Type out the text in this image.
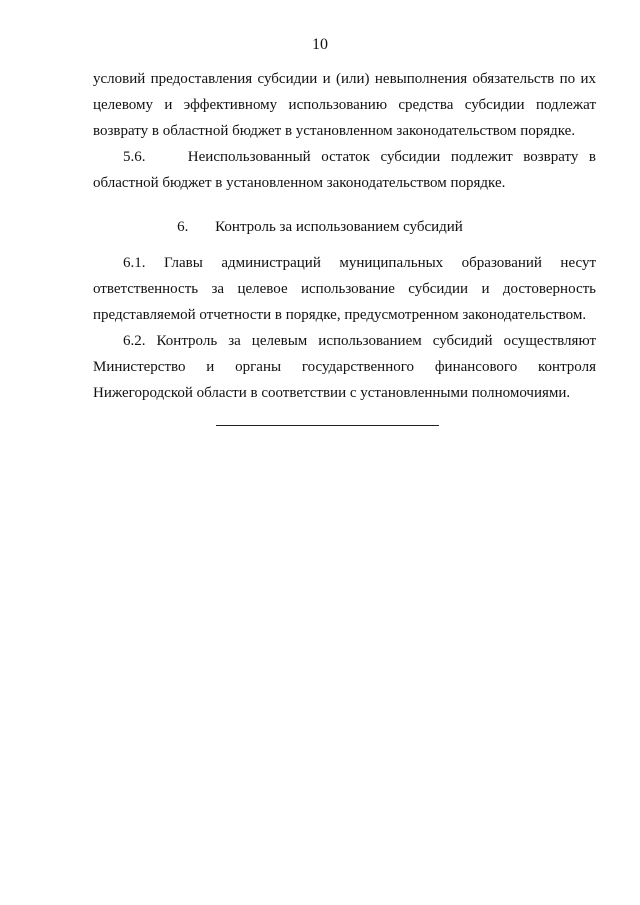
10

условий предоставления субсидии и (или) невыполнения обязательств по их целевому и эффективному использованию средства субсидии подлежат возврату в областной бюджет в установленном законодательством порядке.

5.6.	Неиспользованный остаток субсидии подлежит возврату в областной бюджет в установленном законодательством порядке.

6. Контроль за использованием субсидий
6.1. Главы администраций муниципальных образований несут
ответственность за целевое использование субсидии и достоверность
представляемой отчетности в порядке, предусмотренном законодательством.

6.2. Контроль за целевым использованием субсидий осуществляют Министерство и органы государственного финансового контроля Нижегородской области в соответствии с установленными полномочиями.
